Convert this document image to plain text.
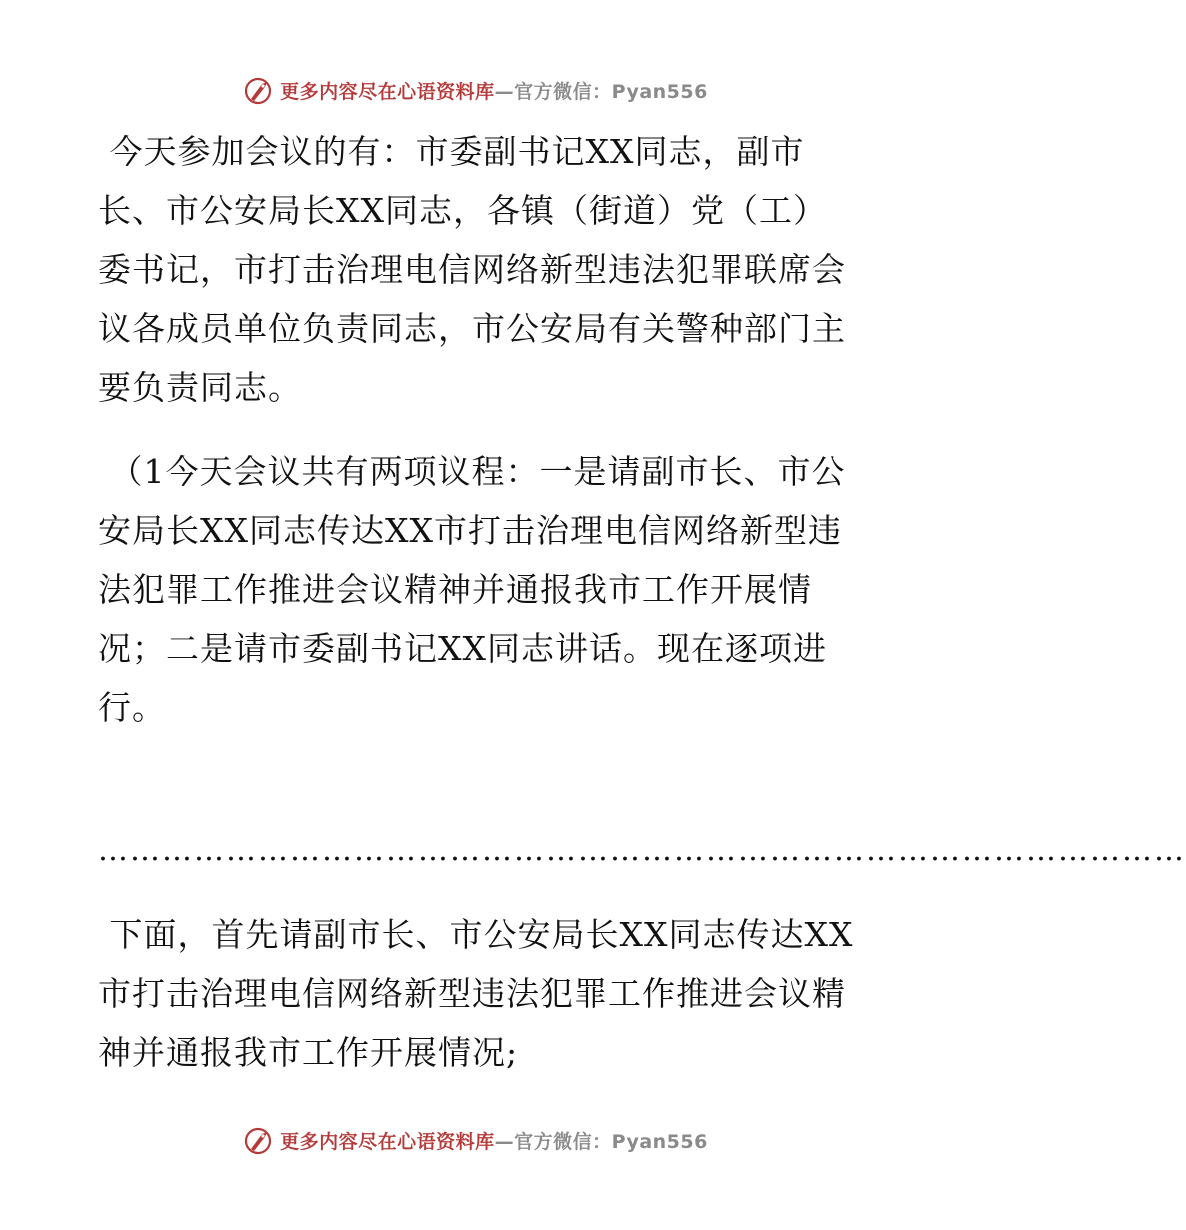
更多内容尽在心语资料库—官方微信：Pyan556

今天参加会议的有：市委副书记XX同志，副市长、市公安局长XX同志，各镇（街道）党（工）委书记，市打击治理电信网络新型违法犯罪联席会议各成员单位负责同志，市公安局有关警种部门主要负责同志。

（1今天会议共有两项议程：一是请副市长、市公安局长XX同志传达XX市打击治理电信网络新型违法犯罪工作推进会议精神并通报我市工作开展情况；二是请市委副书记XX同志讲话。现在逐项进行。

…………………………………………………………………………………………

下面，首先请副市长、市公安局长XX同志传达XX市打击治理电信网络新型违法犯罪工作推进会议精神并通报我市工作开展情况;

更多内容尽在心语资料库—官方微信：Pyan556
